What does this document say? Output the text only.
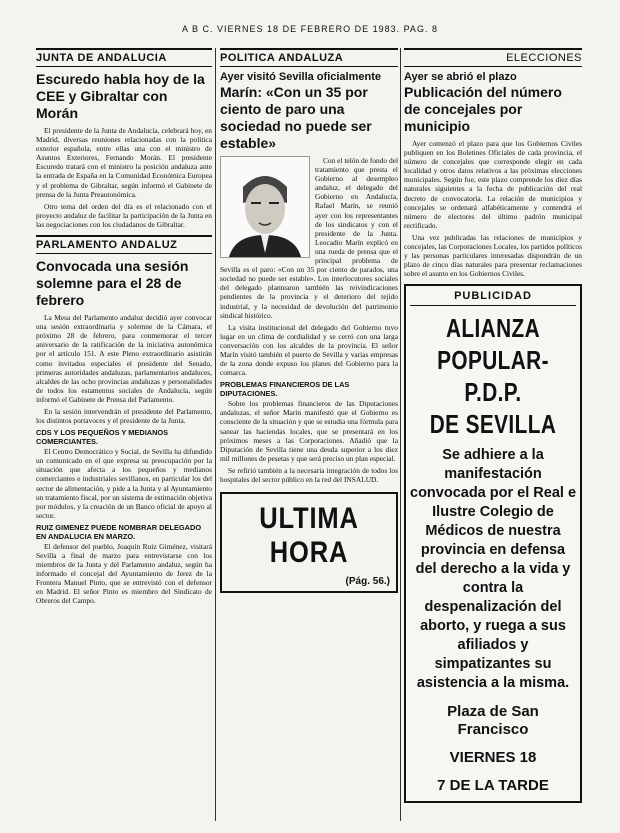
A B C. VIERNES 18 DE FEBRERO DE 1983. PAG. 8
JUNTA DE ANDALUCIA
Escuredo habla hoy de la CEE y Gibraltar con Morán

El presidente de la Junta de Andalucía, celebrará hoy, en Madrid, diversas reuniones relacionadas con la política exterior española, entre ellas una con el ministro de Asuntos Exteriores, Fernando Morán. El presidente Escuredo tratará con el ministro la posición andaluza ante la entrada de España en la Comunidad Económica Europea y el problema de Gibraltar, según informó el Gabinete de prensa de la Junta Preautonómica.

Otro tema del orden del día es el relacionado con el proyecto andaluz de facilitar la participación de la Junta en las negociaciones con los ciudadanos de Gibraltar.

PARLAMENTO ANDALUZ
Convocada una sesión solemne para el 28 de febrero

La Mesa del Parlamento andaluz decidió ayer convocar una sesión extraordinaria y solemne de la Cámara, el próximo 28 de febrero, para conmemorar el tercer aniversario de la ratificación de la iniciativa autonómica por el artículo 151. A este Pleno extraordinario asistirán como invitados especiales el presidente del Senado, primeras autoridades andaluzas, parlamentarios andaluces, alcaldes de las ocho provincias andaluzas y personalidades de todos los estamentos sociales de Andalucía, según informó el Gabinete de Prensa del Parlamento.

En la sesión intervendrán el presidente del Parlamento, los distintos portavoces y el presidente de la Junta.

CDS Y LOS PEQUEÑOS Y MEDIANOS COMERCIANTES.

El Centro Democrático y Social, de Sevilla ha difundido un comunicado en el que expresa su preocupación por la situación que afecta a los pequeños y medianos comerciantes e industriales sevillanos, en particular los del sector de alimentación, y pide a la Junta y al Ayuntamiento un tratamiento fiscal, por un sistema de estimación objetiva por módulos, y la creación de un Banco oficial de apoyo al sector.

RUIZ GIMENEZ PUEDE NOMBRAR DELEGADO EN ANDALUCIA EN MARZO.

El defensor del pueblo, Joaquín Ruiz Giménez, visitará Sevilla a final de marzo para entrevistarse con los miembros de la Junta y del Parlamento andaluz, según ha informado el concejal del Ayuntamiento de Jerez de la Frontera Manuel Pinto, que se entrevistó con el defensor en Madrid. El señor Pinto es miembro del Sindicato de Obreros del Campo.

POLITICA ANDALUZA
Ayer visitó Sevilla oficialmente
Marín: «Con un 35 por ciento de paro una sociedad no puede ser estable»

Con el telón de fondo del tratamiento que presta el Gobierno al desempleo andaluz, el delegado del Gobierno en Andalucía, Rafael Marín, se reunió ayer con los representantes de los sindicatos y con el presidente de la Junta. Leocadio Marín explicó en una rueda de prensa que el principal problema de Sevilla es el paro: «Con un 35 por ciento de parados, una sociedad no puede ser estable». Los interlocutores sociales del delegado plantearon también las reivindicaciones pendientes de la provincia y el deterioro del tejido industrial, y la necesidad de devolución del patrimonio sindical histórico.

La visita institucional del delegado del Gobierno tuvo lugar en un clima de cordialidad y se cerró con una larga conversación con los alcaldes de la provincia. El señor Marín visitó también el puerto de Sevilla y varias empresas de la zona donde expuso los planes del Gobierno para la comarca.

PROBLEMAS FINANCIEROS DE LAS DIPUTACIONES.

Sobre los problemas financieros de las Diputaciones andaluzas, el señor Marín manifestó que el Gobierno es consciente de la situación y que se estudia una fórmula para sanear las haciendas locales, que se presentará en los próximos meses a las Corporaciones. Añadió que la Diputación de Sevilla tiene una deuda superior a los diez mil millones de pesetas y que será preciso un plan especial.

Se refirió también a la necesaria integración de todos los hospitales del sector público en la red del INSALUD.

ULTIMA HORA
(Pág. 56.)
ELECCIONES
Ayer se abrió el plazo
Publicación del número de concejales por municipio

Ayer comenzó el plazo para que los Gobiernos Civiles publiquen en los Boletines Oficiales de cada provincia, el número de concejales que corresponde elegir en cada localidad y otros datos relativos a las próximas elecciones municipales. Según fue, este plazo comprende los diez días naturales siguientes a la fecha de publicación del real decreto de convocatoria. La relación de municipios y concejales se ordenará alfabéticamente y contendrá el número de electores del último padrón municipal rectificado.

Una vez publicadas las relaciones de municipios y concejales, las Corporaciones Locales, los partidos políticos y las personas particulares interesadas dispondrán de un plazo de cinco días naturales para presentar reclamaciones sobre el asunto en los Gobiernos Civiles.

PUBLICIDAD
ALIANZA POPULAR-
P.D.P.
DE SEVILLA
Se adhiere a la manifestación convocada por el Real e Ilustre Colegio de Médicos de nuestra provincia en defensa del derecho a la vida y contra la despenalización del aborto, y ruega a sus afiliados y simpatizantes su asistencia a la misma.
Plaza de San Francisco
VIERNES 18
7 DE LA TARDE
